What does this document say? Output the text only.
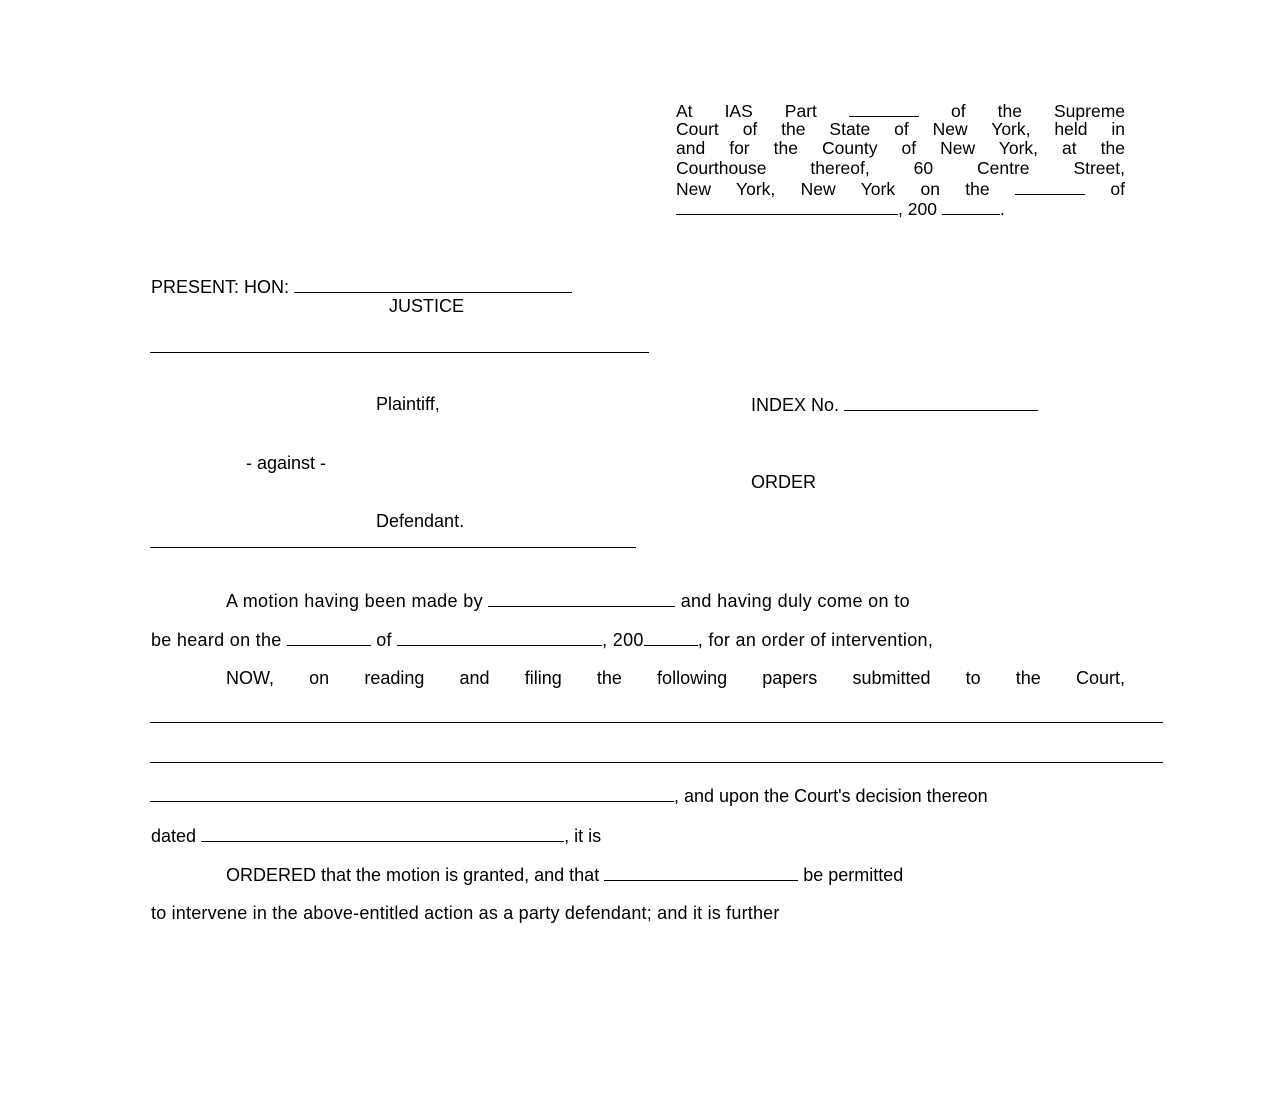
At IAS Part	of the Supreme
Court of the State of New York, held in
and for the County of New York, at the
Courthouse thereof, 60 Centre Street,
New York, New York on the	of
, 200	.
PRESENT: HON:
JUSTICE
Plaintiff,	INDEX No.
- against -
ORDER
Defendant.
A motion having been made by	and having duly come on to
be heard on the	of	, 200	, for an order of intervention,
NOW, on reading and filing the following papers submitted to the Court,
, and upon the Court's decision thereon
dated	, it is
ORDERED that the motion is granted, and that	be permitted
to intervene in the above-entitled action as a party defendant; and it is further
